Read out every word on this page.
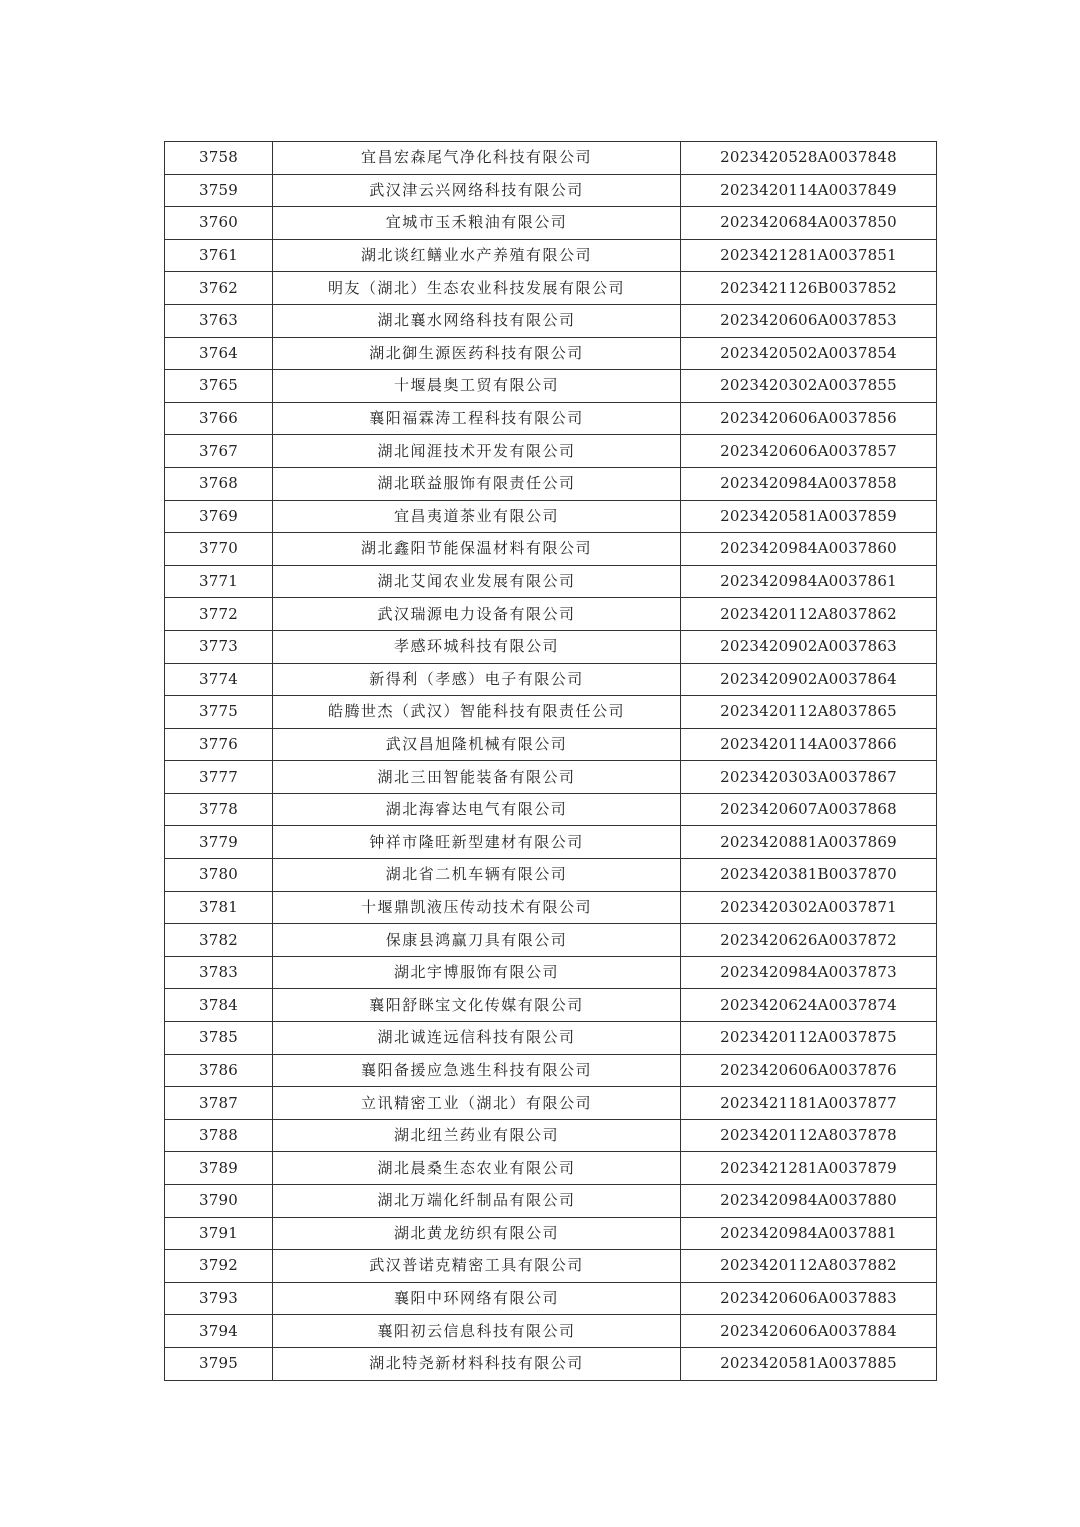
3758	宜昌宏森尾气净化科技有限公司	2023420528A0037848
3759	武汉津云兴网络科技有限公司	2023420114A0037849
3760	宜城市玉禾粮油有限公司	2023420684A0037850
3761	湖北谈红鳝业水产养殖有限公司	2023421281A0037851
3762	明友（湖北）生态农业科技发展有限公司	2023421126B0037852
3763	湖北襄水网络科技有限公司	2023420606A0037853
3764	湖北御生源医药科技有限公司	2023420502A0037854
3765	十堰晨奥工贸有限公司	2023420302A0037855
3766	襄阳福霖涛工程科技有限公司	2023420606A0037856
3767	湖北闻涯技术开发有限公司	2023420606A0037857
3768	湖北联益服饰有限责任公司	2023420984A0037858
3769	宜昌夷道茶业有限公司	2023420581A0037859
3770	湖北鑫阳节能保温材料有限公司	2023420984A0037860
3771	湖北艾闻农业发展有限公司	2023420984A0037861
3772	武汉瑞源电力设备有限公司	2023420112A8037862
3773	孝感环城科技有限公司	2023420902A0037863
3774	新得利（孝感）电子有限公司	2023420902A0037864
3775	皓腾世杰（武汉）智能科技有限责任公司	2023420112A8037865
3776	武汉昌旭隆机械有限公司	2023420114A0037866
3777	湖北三田智能装备有限公司	2023420303A0037867
3778	湖北海睿达电气有限公司	2023420607A0037868
3779	钟祥市隆旺新型建材有限公司	2023420881A0037869
3780	湖北省二机车辆有限公司	2023420381B0037870
3781	十堰鼎凯液压传动技术有限公司	2023420302A0037871
3782	保康县鸿赢刀具有限公司	2023420626A0037872
3783	湖北宇博服饰有限公司	2023420984A0037873
3784	襄阳舒眯宝文化传媒有限公司	2023420624A0037874
3785	湖北诚连远信科技有限公司	2023420112A0037875
3786	襄阳备援应急逃生科技有限公司	2023420606A0037876
3787	立讯精密工业（湖北）有限公司	2023421181A0037877
3788	湖北纽兰药业有限公司	2023420112A8037878
3789	湖北晨桑生态农业有限公司	2023421281A0037879
3790	湖北万端化纤制品有限公司	2023420984A0037880
3791	湖北黄龙纺织有限公司	2023420984A0037881
3792	武汉普诺克精密工具有限公司	2023420112A8037882
3793	襄阳中环网络有限公司	2023420606A0037883
3794	襄阳初云信息科技有限公司	2023420606A0037884
3795	湖北特尧新材料科技有限公司	2023420581A0037885
